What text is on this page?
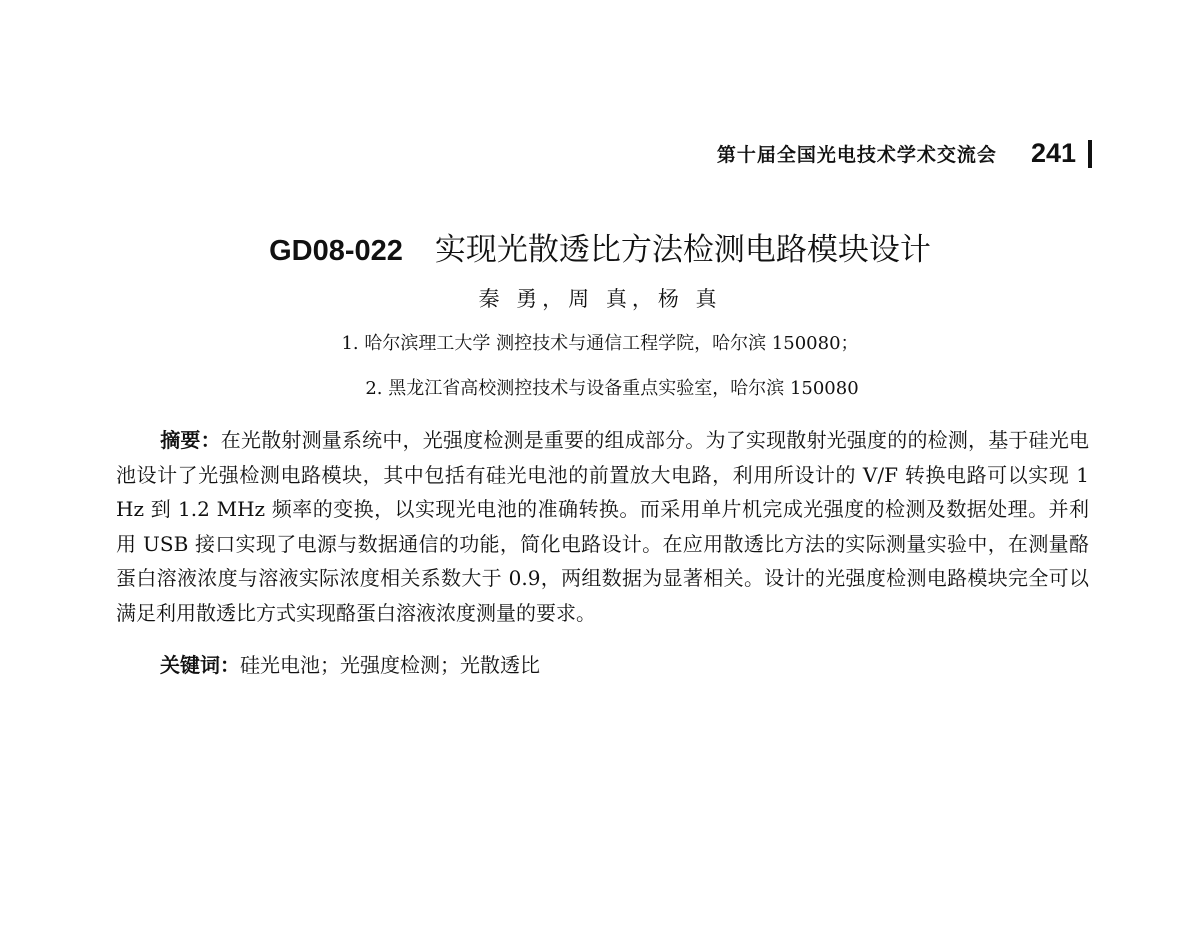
第十届全国光电技术学术交流会 241
GD08-022 实现光散透比方法检测电路模块设计
秦 勇，周 真，杨 真
1. 哈尔滨理工大学 测控技术与通信工程学院，哈尔滨 150080；
2. 黑龙江省高校测控技术与设备重点实验室，哈尔滨 150080

摘要：在光散射测量系统中，光强度检测是重要的组成部分。为了实现散射光强度的的检测，基于硅光电池设计了光强检测电路模块，其中包括有硅光电池的前置放大电路，利用所设计的 V/F 转换电路可以实现 1 Hz 到 1.2 MHz 频率的变换，以实现光电池的准确转换。而采用单片机完成光强度的检测及数据处理。并利用 USB 接口实现了电源与数据通信的功能，简化电路设计。在应用散透比方法的实际测量实验中，在测量酪蛋白溶液浓度与溶液实际浓度相关系数大于 0.9，两组数据为显著相关。设计的光强度检测电路模块完全可以满足利用散透比方式实现酪蛋白溶液浓度测量的要求。

关键词：硅光电池；光强度检测；光散透比
